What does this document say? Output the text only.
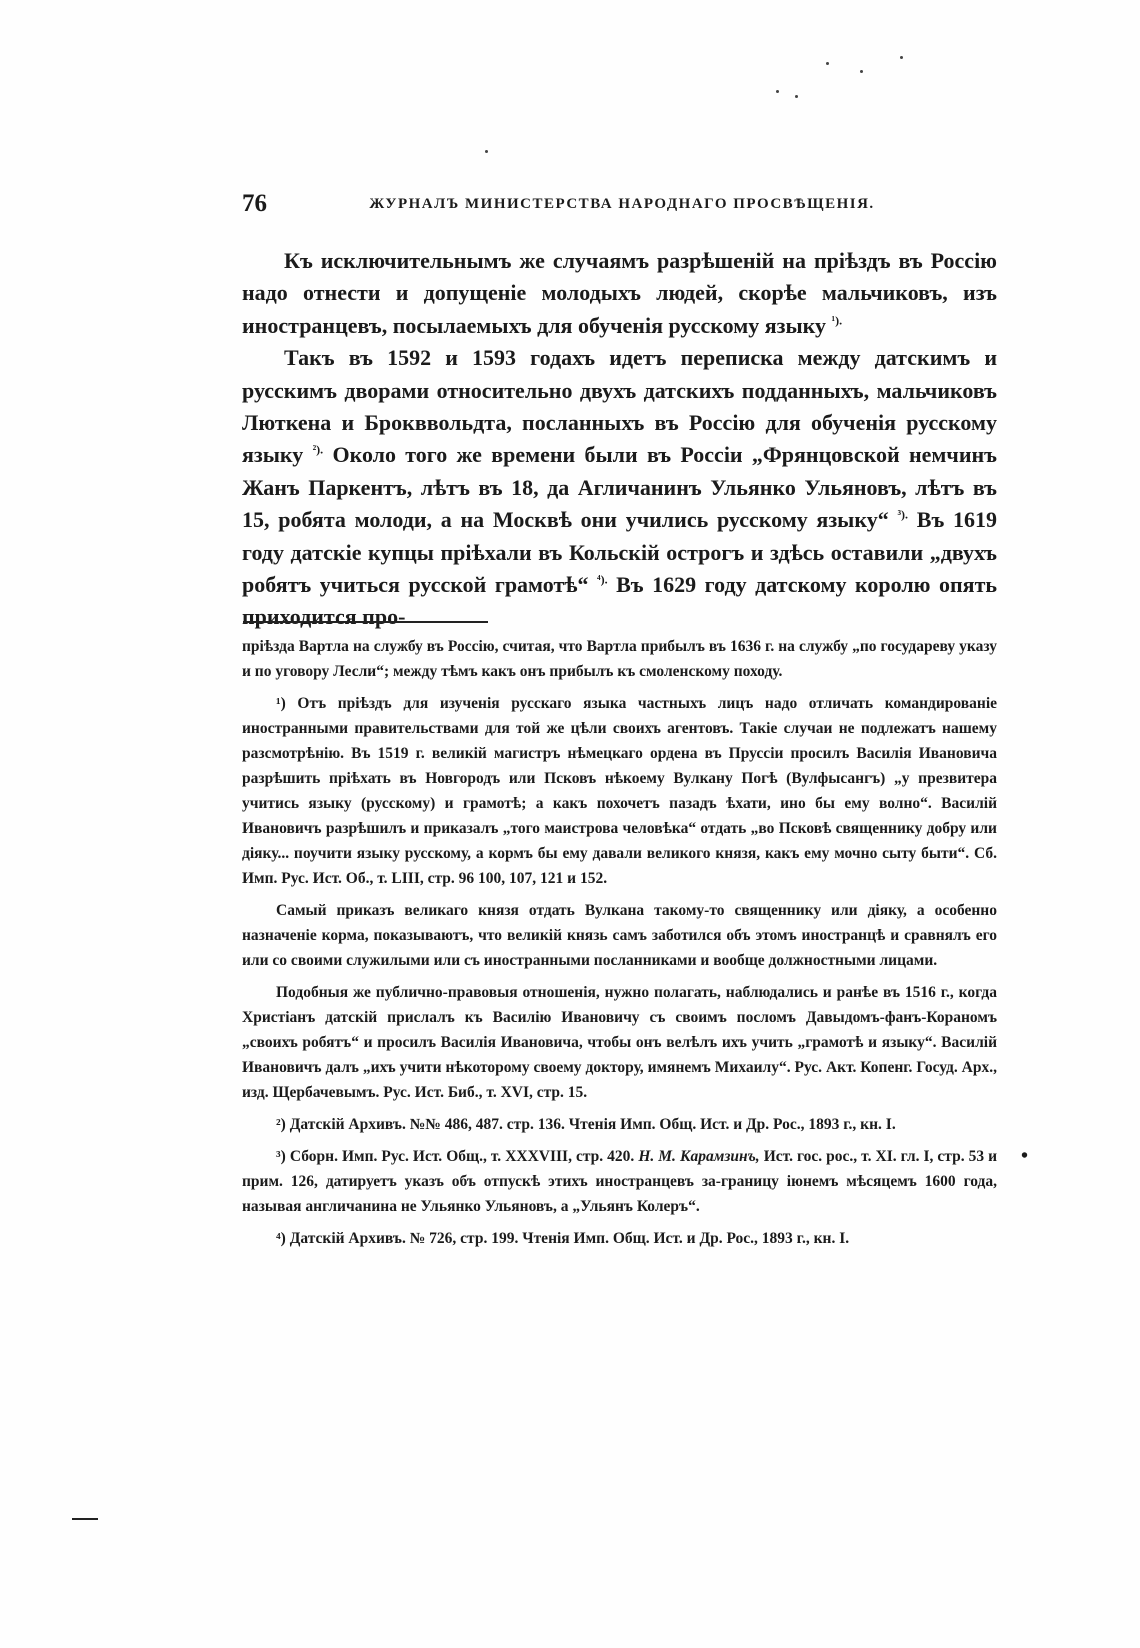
76	ЖУРНАЛЪ МИНИСТЕРСТВА НАРОДНАГО ПРОСВѢЩЕНІЯ.

Къ исключительнымъ же случаямъ разрѣшеній на пріѣздъ въ Россію надо отнести и допущеніе молодыхъ людей, скорѣе мальчиковъ, изъ иностранцевъ, посылаемыхъ для обученія русскому языку $^{^1).}$

Такъ въ 1592 и 1593 годахъ идетъ переписка между датскимъ и русскимъ дворами относительно двухъ датскихъ подданныхъ, мальчиковъ Люткена и Брокввольдта, посланныхъ въ Россію для обученія русскому языку $^{^2).}$ Около того же времени были въ Россіи „Фрянцовской немчинъ Жанъ Паркентъ, лѣтъ въ 18, да Агличанинъ Ульянко Ульяновъ, лѣтъ въ 15, робята молоди, а на Москвѣ они учились русскому языку“ $^{^3).}$ Въ 1619 году датскіе купцы пріѣхали въ Кольскій острогъ и здѣсь оставили „двухъ робятъ учиться русской грамотѣ“ $^{^4).}$ Въ 1629 году датскому королю опять приходится про-

пріѣзда Вартла на службу въ Россію, считая, что Вартла прибылъ въ 1636 г. на службу „по государеву указу и по уговору Лесли“; между тѣмъ какъ онъ прибылъ къ смоленскому походу.

¹) Отъ пріѣздъ для изученія русскаго языка частныхъ лицъ надо отличать командированіе иностранными правительствами для той же цѣли своихъ агентовъ. Такіе случаи не подлежатъ нашему разсмотрѣнію. Въ 1519 г. великій магистръ нѣмецкаго ордена въ Пруссіи просилъ Василія Ивановича разрѣшить пріѣхать въ Новгородъ или Псковъ нѣкоему Вулкану Погѣ (Вулфысангъ) „у презвитера учитись языку (русскому) и грамотѣ; а какъ похочетъ пазадъ ѣхати, ино бы ему волно“. Василій Ивановичъ разрѣшилъ и приказалъ „того маистрова человѣка“ отдать „во Псковѣ священнику добру или діяку... поучити языку русскому, а кормъ бы ему давали великого князя, какъ ему мочно сыту быти“. Сб. Имп. Рус. Ист. Об., т. LIII, стр. 96 100, 107, 121 и 152.

Самый приказъ великаго князя отдать Вулкана такому-то священнику или діяку, а особенно назначеніе корма, показываютъ, что великій князь самъ заботился объ этомъ иностранцѣ и сравнялъ его или со своими служилыми или съ иностранными посланниками и вообще должностными лицами.

Подобныя же публично-правовыя отношенія, нужно полагать, наблюдались и ранѣе въ 1516 г., когда Христіанъ датскій прислалъ къ Василію Ивановичу съ своимъ посломъ Давыдомъ-фанъ-Кораномъ „своихъ робятъ“ и просилъ Василія Ивановича, чтобы онъ велѣлъ ихъ учить „грамотѣ и языку“. Василій Ивановичъ далъ „ихъ учити нѣкоторому своему доктору, имянемъ Михаилу“. Рус. Акт. Копенг. Госуд. Арх., изд. Щербачевымъ. Рус. Ист. Биб., т. XVI, стр. 15.

²) Датскій Архивъ. №№ 486, 487. стр. 136. Чтенія Имп. Общ. Ист. и Др. Рос., 1893 г., кн. I.

³) Сборн. Имп. Рус. Ист. Общ., т. XXXVIII, стр. 420. Н. М. Карамзинъ, Ист. гос. рос., т. XI. гл. I, стр. 53 и прим. 126, датируетъ указъ объ отпускѣ этихъ иностранцевъ за-границу іюнемъ мѣсяцемъ 1600 года, называя англичанина не Ульянко Ульяновъ, а „Ульянъ Колеръ“.

⁴) Датскій Архивъ. № 726, стр. 199. Чтенія Имп. Общ. Ист. и Др. Рос., 1893 г., кн. I.

•
